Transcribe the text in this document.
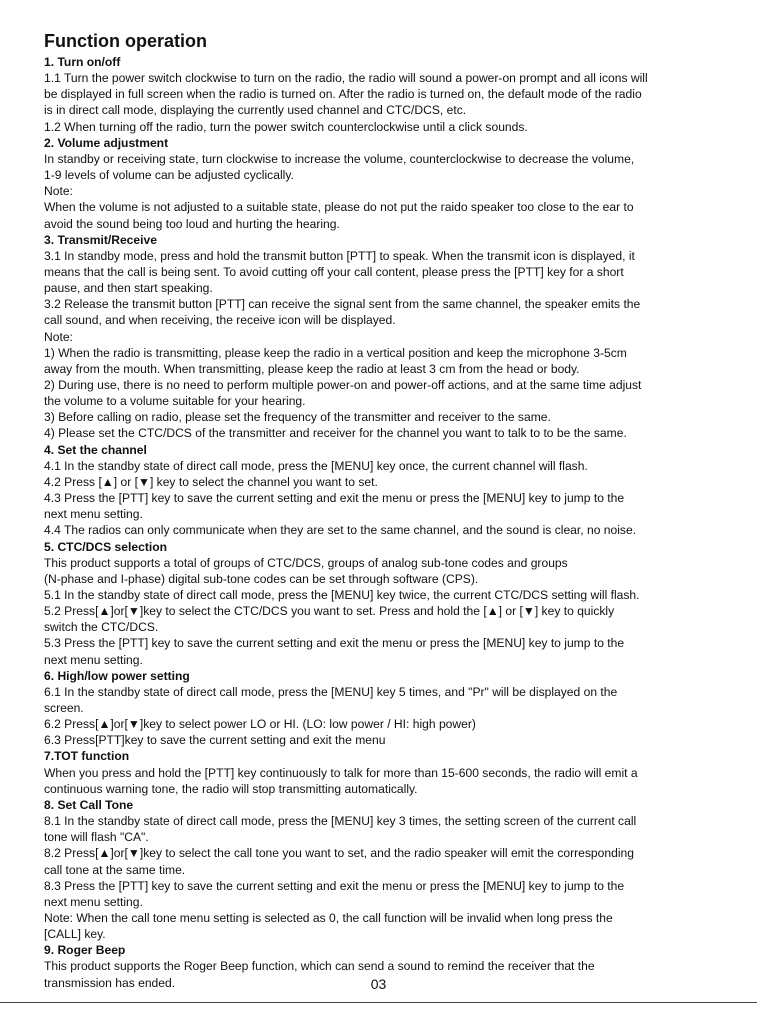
Function operation
1. Turn on/off
1.1 Turn the power switch clockwise to turn on the radio, the radio will sound a power-on prompt and all icons will
be displayed in full screen when the radio is turned on. After the radio is turned on, the default mode of the radio
is in direct call mode, displaying the currently used channel and CTC/DCS, etc.
1.2 When turning off the radio, turn the power switch counterclockwise until a click sounds.
2. Volume adjustment
In standby or receiving state, turn clockwise to increase the volume, counterclockwise to decrease the volume,
1-9 levels of volume can be adjusted cyclically.
Note:
When the volume is not adjusted to a suitable state, please do not put the raido speaker too close to the ear to
avoid the sound being too loud and hurting the hearing.
3. Transmit/Receive
3.1 In standby mode, press and hold the transmit button [PTT] to speak. When the transmit icon is displayed, it
means that the call is being sent. To avoid cutting off your call content, please press the [PTT] key for a short
pause, and then start speaking.
3.2 Release the transmit button [PTT] can receive the signal sent from the same channel, the speaker emits the
call sound, and when receiving, the receive icon will be displayed.
Note:
1) When the radio is transmitting, please keep the radio in a vertical position and keep the microphone 3-5cm
away from the mouth. When transmitting, please keep the radio at least 3 cm from the head or body.
2) During use, there is no need to perform multiple power-on and power-off actions, and at the same time adjust
the volume to a volume suitable for your hearing.
3) Before calling on radio, please set the frequency of the transmitter and receiver to the same.
4) Please set the CTC/DCS of the transmitter and receiver for the channel you want to talk to to be the same.
4. Set the channel
4.1 In the standby state of direct call mode, press the [MENU] key once, the current channel will flash.
4.2 Press [▲] or [▼] key to select the channel you want to set.
4.3 Press the [PTT] key to save the current setting and exit the menu or press the [MENU] key to jump to the
next menu setting.
4.4 The radios can only communicate when they are set to the same channel, and the sound is clear, no noise.
5. CTC/DCS selection
This product supports a total of groups of CTC/DCS, groups of analog sub-tone codes and groups
(N-phase and I-phase) digital sub-tone codes can be set through software (CPS).
5.1 In the standby state of direct call mode, press the [MENU] key twice, the current CTC/DCS setting will flash.
5.2 Press[▲]or[▼]key to select the CTC/DCS you want to set. Press and hold the [▲] or [▼] key to quickly
switch the CTC/DCS.
5.3 Press the [PTT] key to save the current setting and exit the menu or press the [MENU] key to jump to the
next menu setting.
6. High/low power setting
6.1 In the standby state of direct call mode, press the [MENU] key 5 times, and "Pr" will be displayed on the
screen.
6.2 Press[▲]or[▼]key to select power LO or HI. (LO: low power / HI: high power)
6.3 Press[PTT]key to save the current setting and exit the menu
7.TOT function
When you press and hold the [PTT] key continuously to talk for more than 15-600 seconds, the radio will emit a
continuous warning tone, the radio will stop transmitting automatically.
8. Set Call Tone
8.1 In the standby state of direct call mode, press the [MENU] key 3 times, the setting screen of the current call
tone will flash "CA".
8.2 Press[▲]or[▼]key to select the call tone you want to set, and the radio speaker will emit the corresponding
call tone at the same time.
8.3 Press the [PTT] key to save the current setting and exit the menu or press the [MENU] key to jump to the
next menu setting.
Note: When the call tone menu setting is selected as 0, the call function will be invalid when long press the
[CALL] key.
9. Roger Beep
This product supports the Roger Beep function, which can send a sound to remind the receiver that the
transmission has ended.	03
